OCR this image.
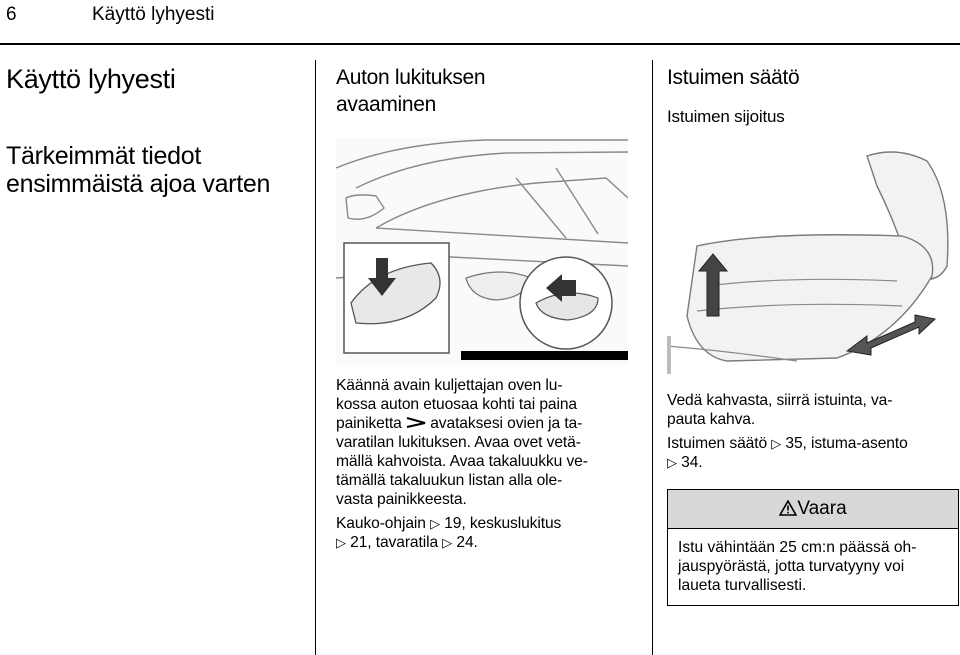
6	Käyttö lyhyesti
Käyttö lyhyesti
Tärkeimmät tiedot ensimmäistä ajoa varten
Auton lukituksen
avaaminen

Käännä avain kuljettajan oven lu-
kossa auton etuosaa kohti tai paina
painiketta avataksesi ovien ja ta-
varatilan lukituksen. Avaa ovet vetä-
mällä kahvoista. Avaa takaluukku ve-
tämällä takaluukun listan alla ole-
vasta painikkeesta.

Kauko-ohjain ▷ 19, keskuslukitus
▷ 21, tavaratila ▷ 24.

Istuimen säätö
Istuimen sijoitus

Vedä kahvasta, siirrä istuinta, va-
pauta kahva.

Istuimen säätö ▷ 35, istuma-asento
▷ 34.

Vaara
Istu vähintään 25 cm:n päässä oh-
jauspyörästä, jotta turvatyyny voi
laueta turvallisesti.
